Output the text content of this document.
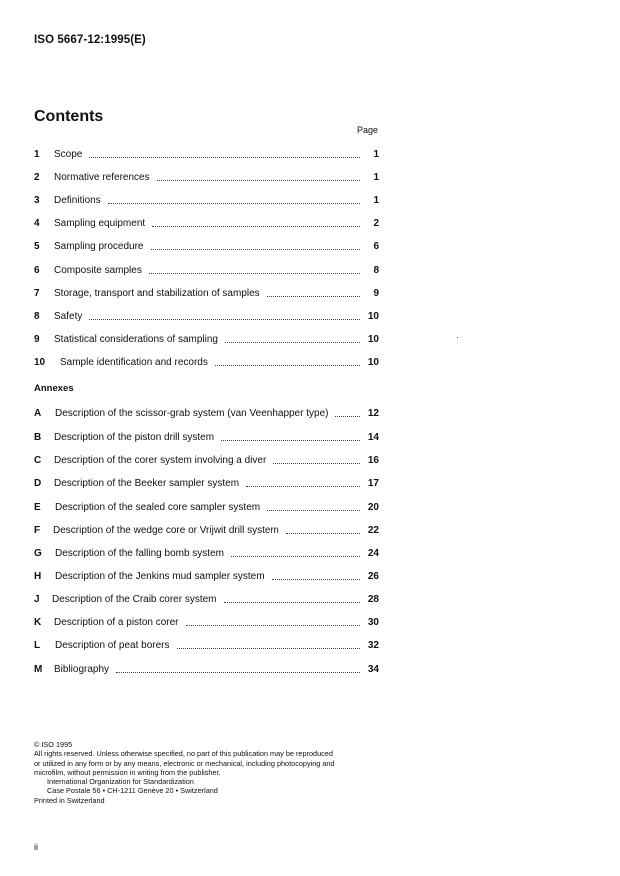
ISO 5667-12:1995(E)
Contents
Page
1	Scope	1
2	Normative references	1
3	Definitions	1
4	Sampling equipment	2
5	Sampling procedure	6
6	Composite samples	8
7	Storage, transport and stabilization of samples	9
8	Safety	10
9	Statistical considerations of sampling	10
10	Sample identification and records	10
A	Description of the scissor-grab system (van Veenhapper type)	12
B	Description of the piston drill system	14
C	Description of the corer system involving a diver	16
D	Description of the Beeker sampler system	17
E	Description of the sealed core sampler system	20
F	Description of the wedge core or Vrijwit drill system	22
G	Description of the falling bomb system	24
H	Description of the Jenkins mud sampler system	26
J	Description of the Craib corer system	28
K	Description of a piston corer	30
L	Description of peat borers	32
M	Bibliography	34
Annexes
© ISO 1995
All rights reserved. Unless otherwise specified, no part of this publication may be reproduced
or utilized in any form or by any means, electronic or mechanical, including photocopying and
microfilm, without permission in writing from the publisher.
International Organization for Standardization
Case Postale 56 • CH-1211 Genève 20 • Switzerland
Printed in Switzerland
ii
